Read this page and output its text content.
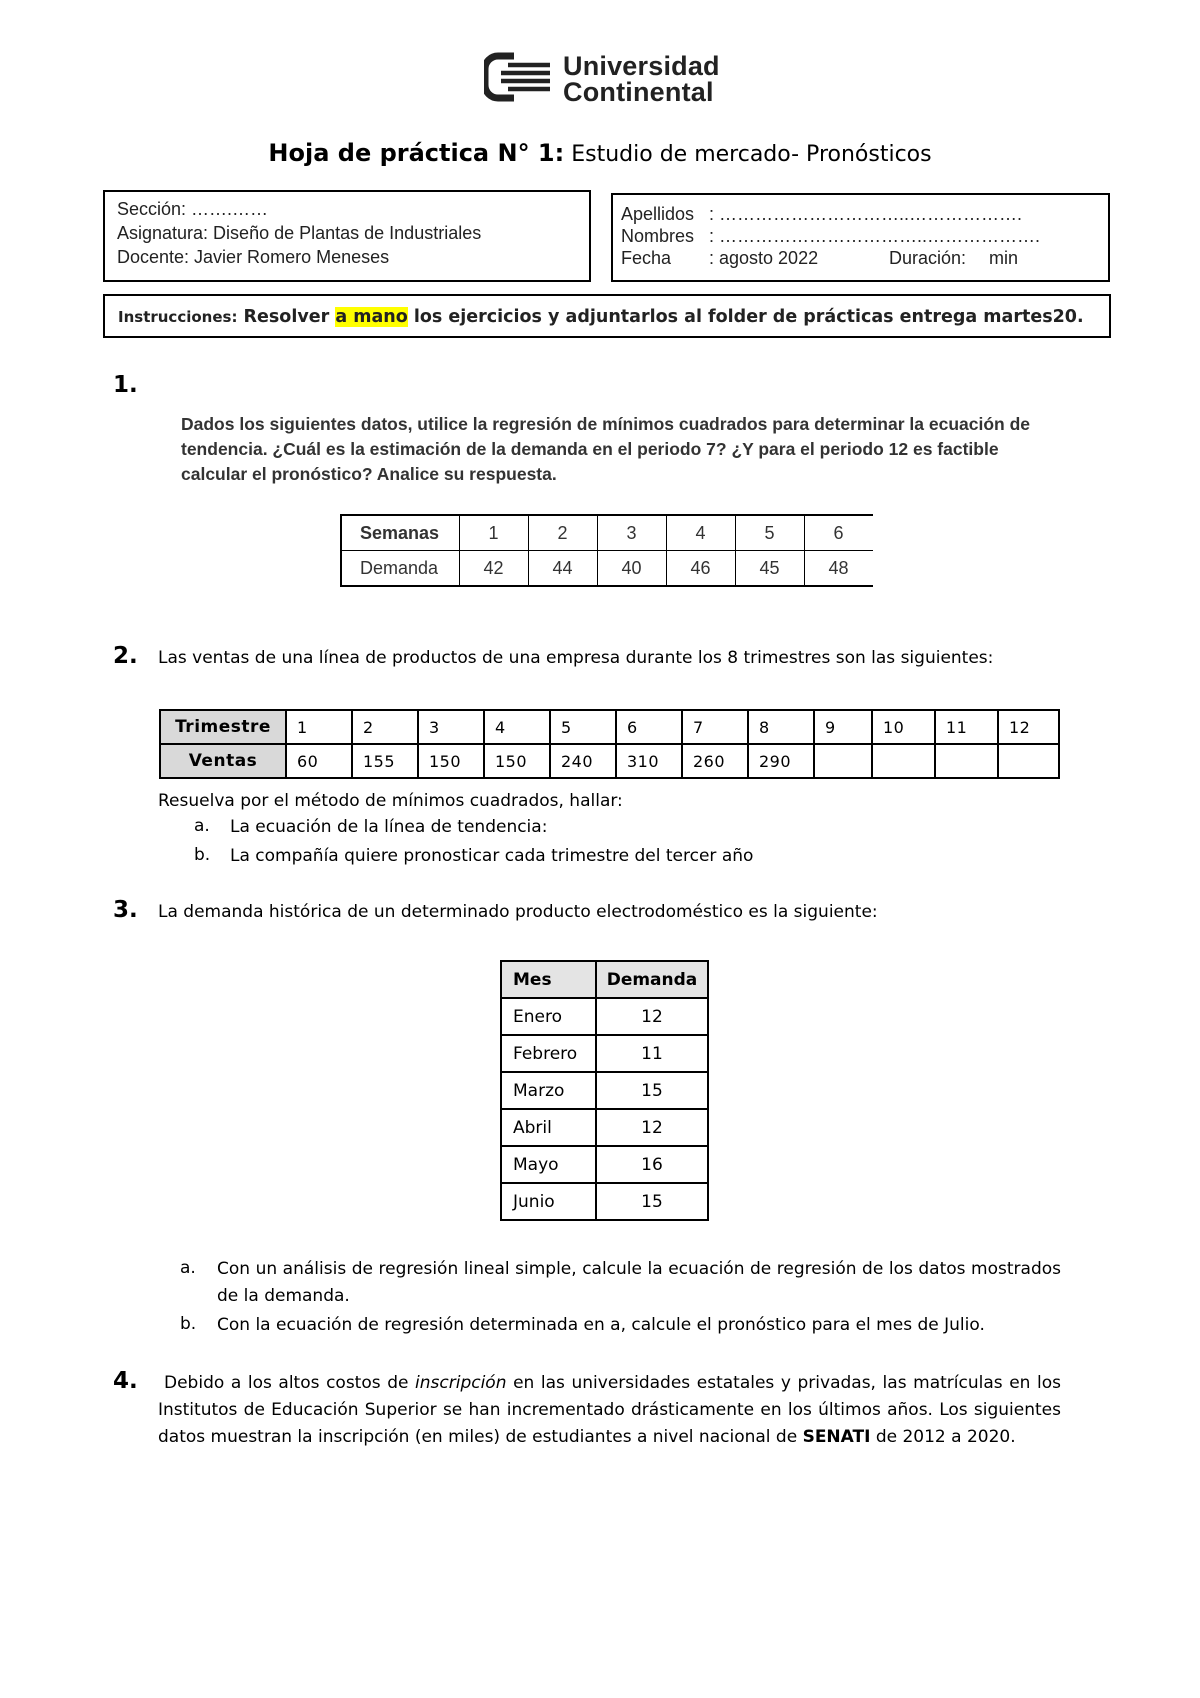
Universidad
Continental
Hoja de práctica N° 1: Estudio de mercado- Pronósticos
Sección: …….……
Asignatura: Diseño de Plantas de Industriales
Docente: Javier Romero Meneses
Apellidos : …………………………..……………….
Nombres : ……………………………..……………….
Fecha : agosto 2022	Duración: min
Instrucciones: Resolver a mano los ejercicios y adjuntarlos al folder de prácticas entrega martes20.
1.
Dados los siguientes datos, utilice la regresión de mínimos cuadrados para determinar la ecuación de tendencia. ¿Cuál es la estimación de la demanda en el periodo 7? ¿Y para el periodo 12 es factible calcular el pronóstico? Analice su respuesta.
Semanas	1	2	3	4	5	6
Demanda	42	44	40	46	45	48
2. Las ventas de una línea de productos de una empresa durante los 8 trimestres son las siguientes:
Trimestre	1	2	3	4	5	6	7	8	9	10	11	12
Ventas	60	155	150	150	240	310	260	290				
Resuelva por el método de mínimos cuadrados, hallar:
a. La ecuación de la línea de tendencia:
b. La compañía quiere pronosticar cada trimestre del tercer año
3. La demanda histórica de un determinado producto electrodoméstico es la siguiente:
Mes	Demanda
Enero	12
Febrero	11
Marzo	15
Abril	12
Mayo	16
Junio	15
a. Con un análisis de regresión lineal simple, calcule la ecuación de regresión de los datos mostrados de la demanda.
b. Con la ecuación de regresión determinada en a, calcule el pronóstico para el mes de Julio.
4.	Debido a los altos costos de inscripción en las universidades estatales y privadas, las matrículas en los Institutos de Educación Superior se han incrementado drásticamente en los últimos años. Los siguientes datos muestran la inscripción (en miles) de estudiantes a nivel nacional de SENATI de 2012 a 2020.
